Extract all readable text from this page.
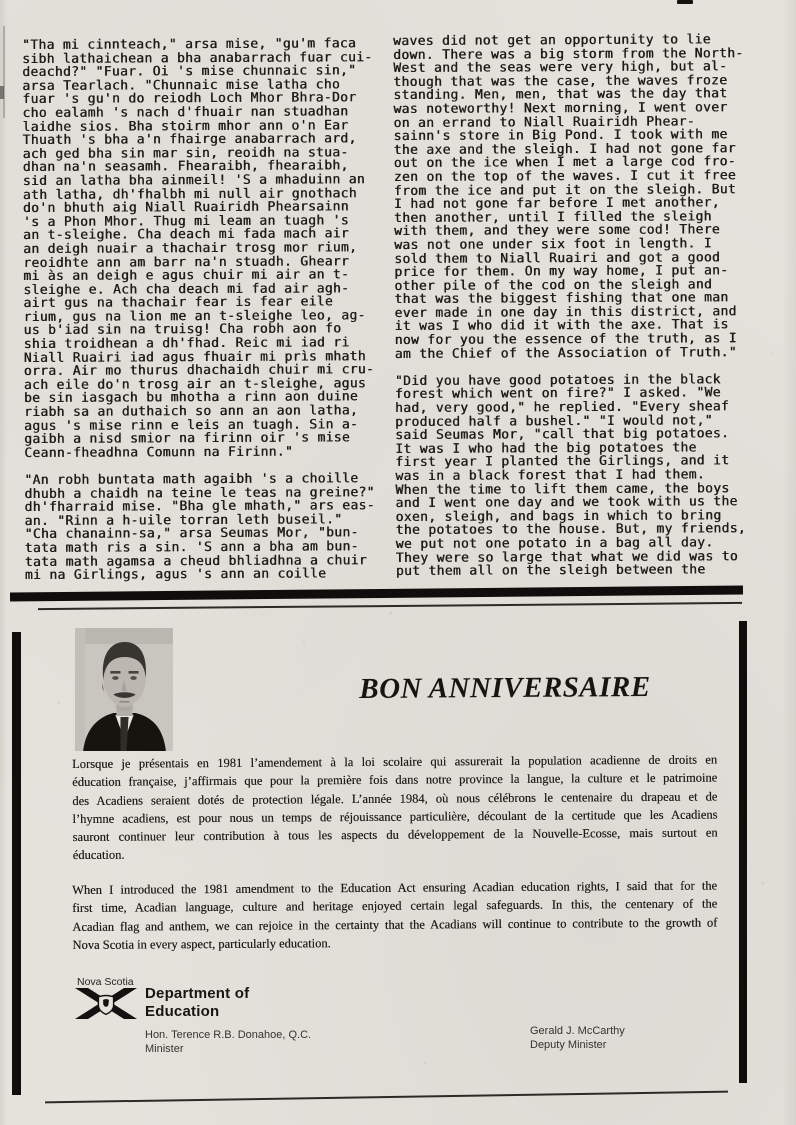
"Tha mi cinnteach," arsa mise, "gu'm faca
sibh lathaichean a bha anabarrach fuar cui-
deachd?" "Fuar. Oi 's mise chunnaic sin,"
arsa Tearlach. "Chunnaic mise latha cho
fuar 's gu'n do reiodh Loch Mhor Bhra-Dor
cho ealamh 's nach d'fhuair nan stuadhan
laidhe sios. Bha stoirm mhor ann o'n Ear
Thuath 's bha a'n fhairge anabarrach ard,
ach ged bha sin mar sin, reoidh na stua-
dhan na'n seasamh. Fhearaibh, fhearaibh,
sid an latha bha ainmeil! 'S a mhaduinn an
ath latha, dh'fhalbh mi null air gnothach
do'n bhuth aig Niall Ruairidh Phearsainn
's a Phon Mhor. Thug mi leam an tuagh 's
an t-sleighe. Cha deach mi fada mach air
an deigh nuair a thachair trosg mor rium,
reoidhte ann am barr na'n stuadh. Ghearr
mi às an deigh e agus chuir mi air an t-
sleighe e. Ach cha deach mi fad air agh-
airt gus na thachair fear is fear eile
rium, gus na lion me an t-sleighe leo, ag-
us b'iad sin na truisg! Cha robh aon fo
shia troidhean a dh'fhad. Reic mi iad ri
Niall Ruairi iad agus fhuair mi prìs mhath
orra. Air mo thurus dhachaidh chuir mi cru-
ach eile do'n trosg air an t-sleighe, agus
be sin iasgach bu mhotha a rinn aon duine
riabh sa an duthaich so ann an aon latha,
agus 's mise rinn e leis an tuagh. Sin a-
gaibh a nisd smior na firinn oir 's mise
Ceann-fheadhna Comunn na Firinn."

"An robh buntata math agaibh 's a choille
dhubh a chaidh na teine le teas na greine?"
dh'fharraid mise. "Bha gle mhath," ars eas-
an. "Rinn a h-uile torran leth buseil."
"Cha chanainn-sa," arsa Seumas Mor, "bun-
tata math ris a sin. 'S ann a bha am bun-
tata math agamsa a cheud bhliadhna a chuir
mi na Girlings, agus 's ann an coille
waves did not get an opportunity to lie
down. There was a big storm from the North-
West and the seas were very high, but al-
though that was the case, the waves froze
standing. Men, men, that was the day that
was noteworthy! Next morning, I went over
on an errand to Niall Ruairidh Phear-
sainn's store in Big Pond. I took with me
the axe and the sleigh. I had not gone far
out on the ice when I met a large cod fro-
zen on the top of the waves. I cut it free
from the ice and put it on the sleigh. But
I had not gone far before I met another,
then another, until I filled the sleigh
with them, and they were some cod! There
was not one under six foot in length. I
sold them to Niall Ruairi and got a good
price for them. On my way home, I put an-
other pile of the cod on the sleigh and
that was the biggest fishing that one man
ever made in one day in this district, and
it was I who did it with the axe. That is
now for you the essence of the truth, as I
am the Chief of the Association of Truth."

"Did you have good potatoes in the black
forest which went on fire?" I asked. "We
had, very good," he replied. "Every sheaf
produced half a bushel." "I would not,"
said Seumas Mor, "call that big potatoes.
It was I who had the big potatoes the
first year I planted the Girlings, and it
was in a black forest that I had them.
When the time to lift them came, the boys
and I went one day and we took with us the
oxen, sleigh, and bags in which to bring
the potatoes to the house. But, my friends,
we put not one potato in a bag all day.
They were so large that what we did was to
put them all on the sleigh between the
BON ANNIVERSAIRE
Lorsque je présentais en 1981 l’amendement à la loi scolaire qui assurerait la population acadienne de droits en
éducation française, j’affirmais que pour la première fois dans notre province la langue, la culture et le patrimoine
des Acadiens seraient dotés de protection légale. L’année 1984, où nous célébrons le centenaire du drapeau et de
l’hymne acadiens, est pour nous un temps de réjouissance particulière, découlant de la certitude que les Acadiens
sauront continuer leur contribution à tous les aspects du développement de la Nouvelle-Ecosse, mais surtout en
éducation.
When I introduced the 1981 amendment to the Education Act ensuring Acadian education rights, I said that for the
first time, Acadian language, culture and heritage enjoyed certain legal safeguards. In this, the centenary of the
Acadian flag and anthem, we can rejoice in the certainty that the Acadians will continue to contribute to the growth of
Nova Scotia in every aspect, particularly education.
Nova Scotia
Department of
Education
Hon. Terence R.B. Donahoe, Q.C.
Minister
Gerald J. McCarthy
Deputy Minister
